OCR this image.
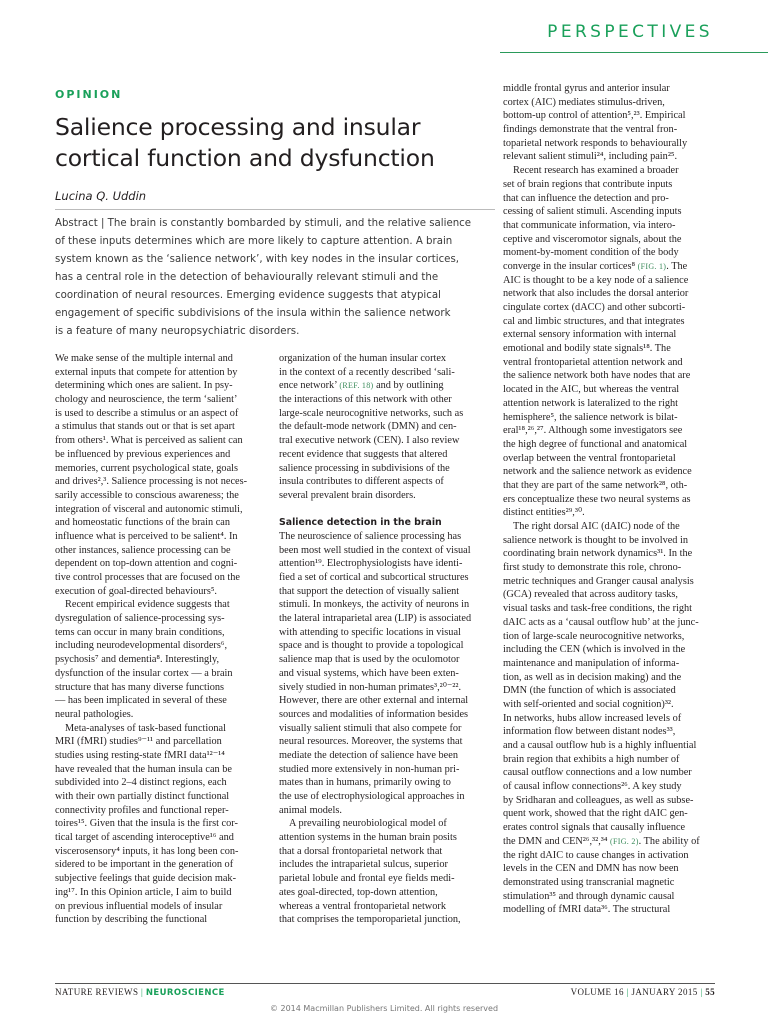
PERSPECTIVES
OPINION
Salience processing and insular
cortical function and dysfunction
Lucina Q. Uddin
Abstract | The brain is constantly bombarded by stimuli, and the relative salience
of these inputs determines which are more likely to capture attention. A brain
system known as the ‘salience network’, with key nodes in the insular cortices,
has a central role in the detection of behaviourally relevant stimuli and the
coordination of neural resources. Emerging evidence suggests that atypical
engagement of specific subdivisions of the insula within the salience network
is a feature of many neuropsychiatric disorders.
We make sense of the multiple internal and
external inputs that compete for attention by
determining which ones are salient. In psy-
chology and neuroscience, the term ‘salient’
is used to describe a stimulus or an aspect of
a stimulus that stands out or that is set apart
from others¹. What is perceived as salient can
be influenced by previous experiences and
memories, current psychological state, goals
and drives²,³. Salience processing is not neces-
sarily accessible to conscious awareness; the
integration of visceral and autonomic stimuli,
and homeostatic functions of the brain can
influence what is perceived to be salient⁴. In
other instances, salience processing can be
dependent on top-down attention and cogni-
tive control processes that are focused on the
execution of goal-directed behaviours⁵.
Recent empirical evidence suggests that
dysregulation of salience-processing sys-
tems can occur in many brain conditions,
including neurodevelopmental disorders⁶,
psychosis⁷ and dementia⁸. Interestingly,
dysfunction of the insular cortex — a brain
structure that has many diverse functions
— has been implicated in several of these
neural pathologies.
Meta-analyses of task-based functional
MRI (fMRI) studies⁹⁻¹¹ and parcellation
studies using resting-state fMRI data¹²⁻¹⁴
have revealed that the human insula can be
subdivided into 2–4 distinct regions, each
with their own partially distinct functional
connectivity profiles and functional reper-
toires¹⁵. Given that the insula is the first cor-
tical target of ascending interoceptive¹⁶ and
viscerosensory⁴ inputs, it has long been con-
sidered to be important in the generation of
subjective feelings that guide decision mak-
ing¹⁷. In this Opinion article, I aim to build
on previous influential models of insular
function by describing the functional
organization of the human insular cortex
in the context of a recently described ‘sali-
ence network’ (REF. 18) and by outlining
the interactions of this network with other
large-scale neurocognitive networks, such as
the default-mode network (DMN) and cen-
tral executive network (CEN). I also review
recent evidence that suggests that altered
salience processing in subdivisions of the
insula contributes to different aspects of
several prevalent brain disorders.
Salience detection in the brain
The neuroscience of salience processing has
been most well studied in the context of visual
attention¹⁹. Electrophysiologists have identi-
fied a set of cortical and subcortical structures
that support the detection of visually salient
stimuli. In monkeys, the activity of neurons in
the lateral intraparietal area (LIP) is associated
with attending to specific locations in visual
space and is thought to provide a topological
salience map that is used by the oculomotor
and visual systems, which have been exten-
sively studied in non-human primates³,²⁰⁻²².
However, there are other external and internal
sources and modalities of information besides
visually salient stimuli that also compete for
neural resources. Moreover, the systems that
mediate the detection of salience have been
studied more extensively in non-human pri-
mates than in humans, primarily owing to
the use of electrophysiological approaches in
animal models.
A prevailing neurobiological model of
attention systems in the human brain posits
that a dorsal frontoparietal network that
includes the intraparietal sulcus, superior
parietal lobule and frontal eye fields medi-
ates goal-directed, top-down attention,
whereas a ventral frontoparietal network
that comprises the temporoparietal junction,
middle frontal gyrus and anterior insular
cortex (AIC) mediates stimulus-driven,
bottom-up control of attention⁵,²³. Empirical
findings demonstrate that the ventral fron-
toparietal network responds to behaviourally
relevant salient stimuli²⁴, including pain²⁵.
Recent research has examined a broader
set of brain regions that contribute inputs
that can influence the detection and pro-
cessing of salient stimuli. Ascending inputs
that communicate information, via intero-
ceptive and visceromotor signals, about the
moment-by-moment condition of the body
converge in the insular cortices⁸ (FIG. 1). The
AIC is thought to be a key node of a salience
network that also includes the dorsal anterior
cingulate cortex (dACC) and other subcorti-
cal and limbic structures, and that integrates
external sensory information with internal
emotional and bodily state signals¹⁸. The
ventral frontoparietal attention network and
the salience network both have nodes that are
located in the AIC, but whereas the ventral
attention network is lateralized to the right
hemisphere⁵, the salience network is bilat-
eral¹⁸,²⁶,²⁷. Although some investigators see
the high degree of functional and anatomical
overlap between the ventral frontoparietal
network and the salience network as evidence
that they are part of the same network²⁸, oth-
ers conceptualize these two neural systems as
distinct entities²⁹,³⁰.
The right dorsal AIC (dAIC) node of the
salience network is thought to be involved in
coordinating brain network dynamics³¹. In the
first study to demonstrate this role, chrono-
metric techniques and Granger causal analysis
(GCA) revealed that across auditory tasks,
visual tasks and task-free conditions, the right
dAIC acts as a ‘causal outflow hub’ at the junc-
tion of large-scale neurocognitive networks,
including the CEN (which is involved in the
maintenance and manipulation of informa-
tion, as well as in decision making) and the
DMN (the function of which is associated
with self-oriented and social cognition)³².
In networks, hubs allow increased levels of
information flow between distant nodes³³,
and a causal outflow hub is a highly influential
brain region that exhibits a high number of
causal outflow connections and a low number
of causal inflow connections²⁶. A key study
by Sridharan and colleagues, as well as subse-
quent work, showed that the right dAIC gen-
erates control signals that causally influence
the DMN and CEN²⁶,³²,³⁴ (FIG. 2). The ability of
the right dAIC to cause changes in activation
levels in the CEN and DMN has now been
demonstrated using transcranial magnetic
stimulation³⁵ and through dynamic causal
modelling of fMRI data³⁶. The structural
NATURE REVIEWS | NEUROSCIENCE	VOLUME 16 | JANUARY 2015 | 55
© 2014 Macmillan Publishers Limited. All rights reserved
